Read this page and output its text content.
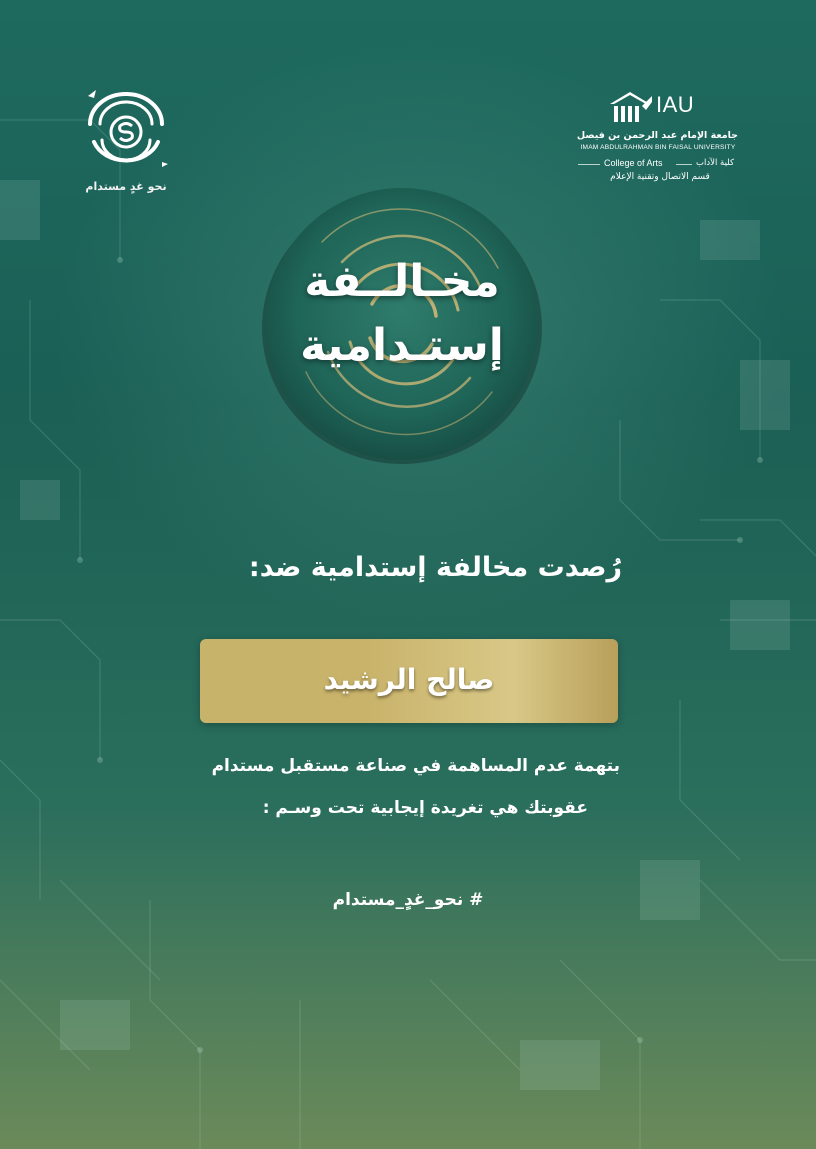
نحو غدٍ مستدام
IAU
جامعة الإمام عبد الرحمن بن فيصل
IMAM ABDULRAHMAN BIN FAISAL UNIVERSITY
College of Arts	كلية الآداب
قسم الاتصال وتقنية الإعلام
مخـالــفة
إستـدامية
رُصدت مخالفة إستدامية ضد:
صالح الرشيد
بتهمة عدم المساهمة في صناعة مستقبل مستدام
عقوبتك هي تغريدة إيجابية تحت وسـم :
# نحو_غدٍ_مستدام
